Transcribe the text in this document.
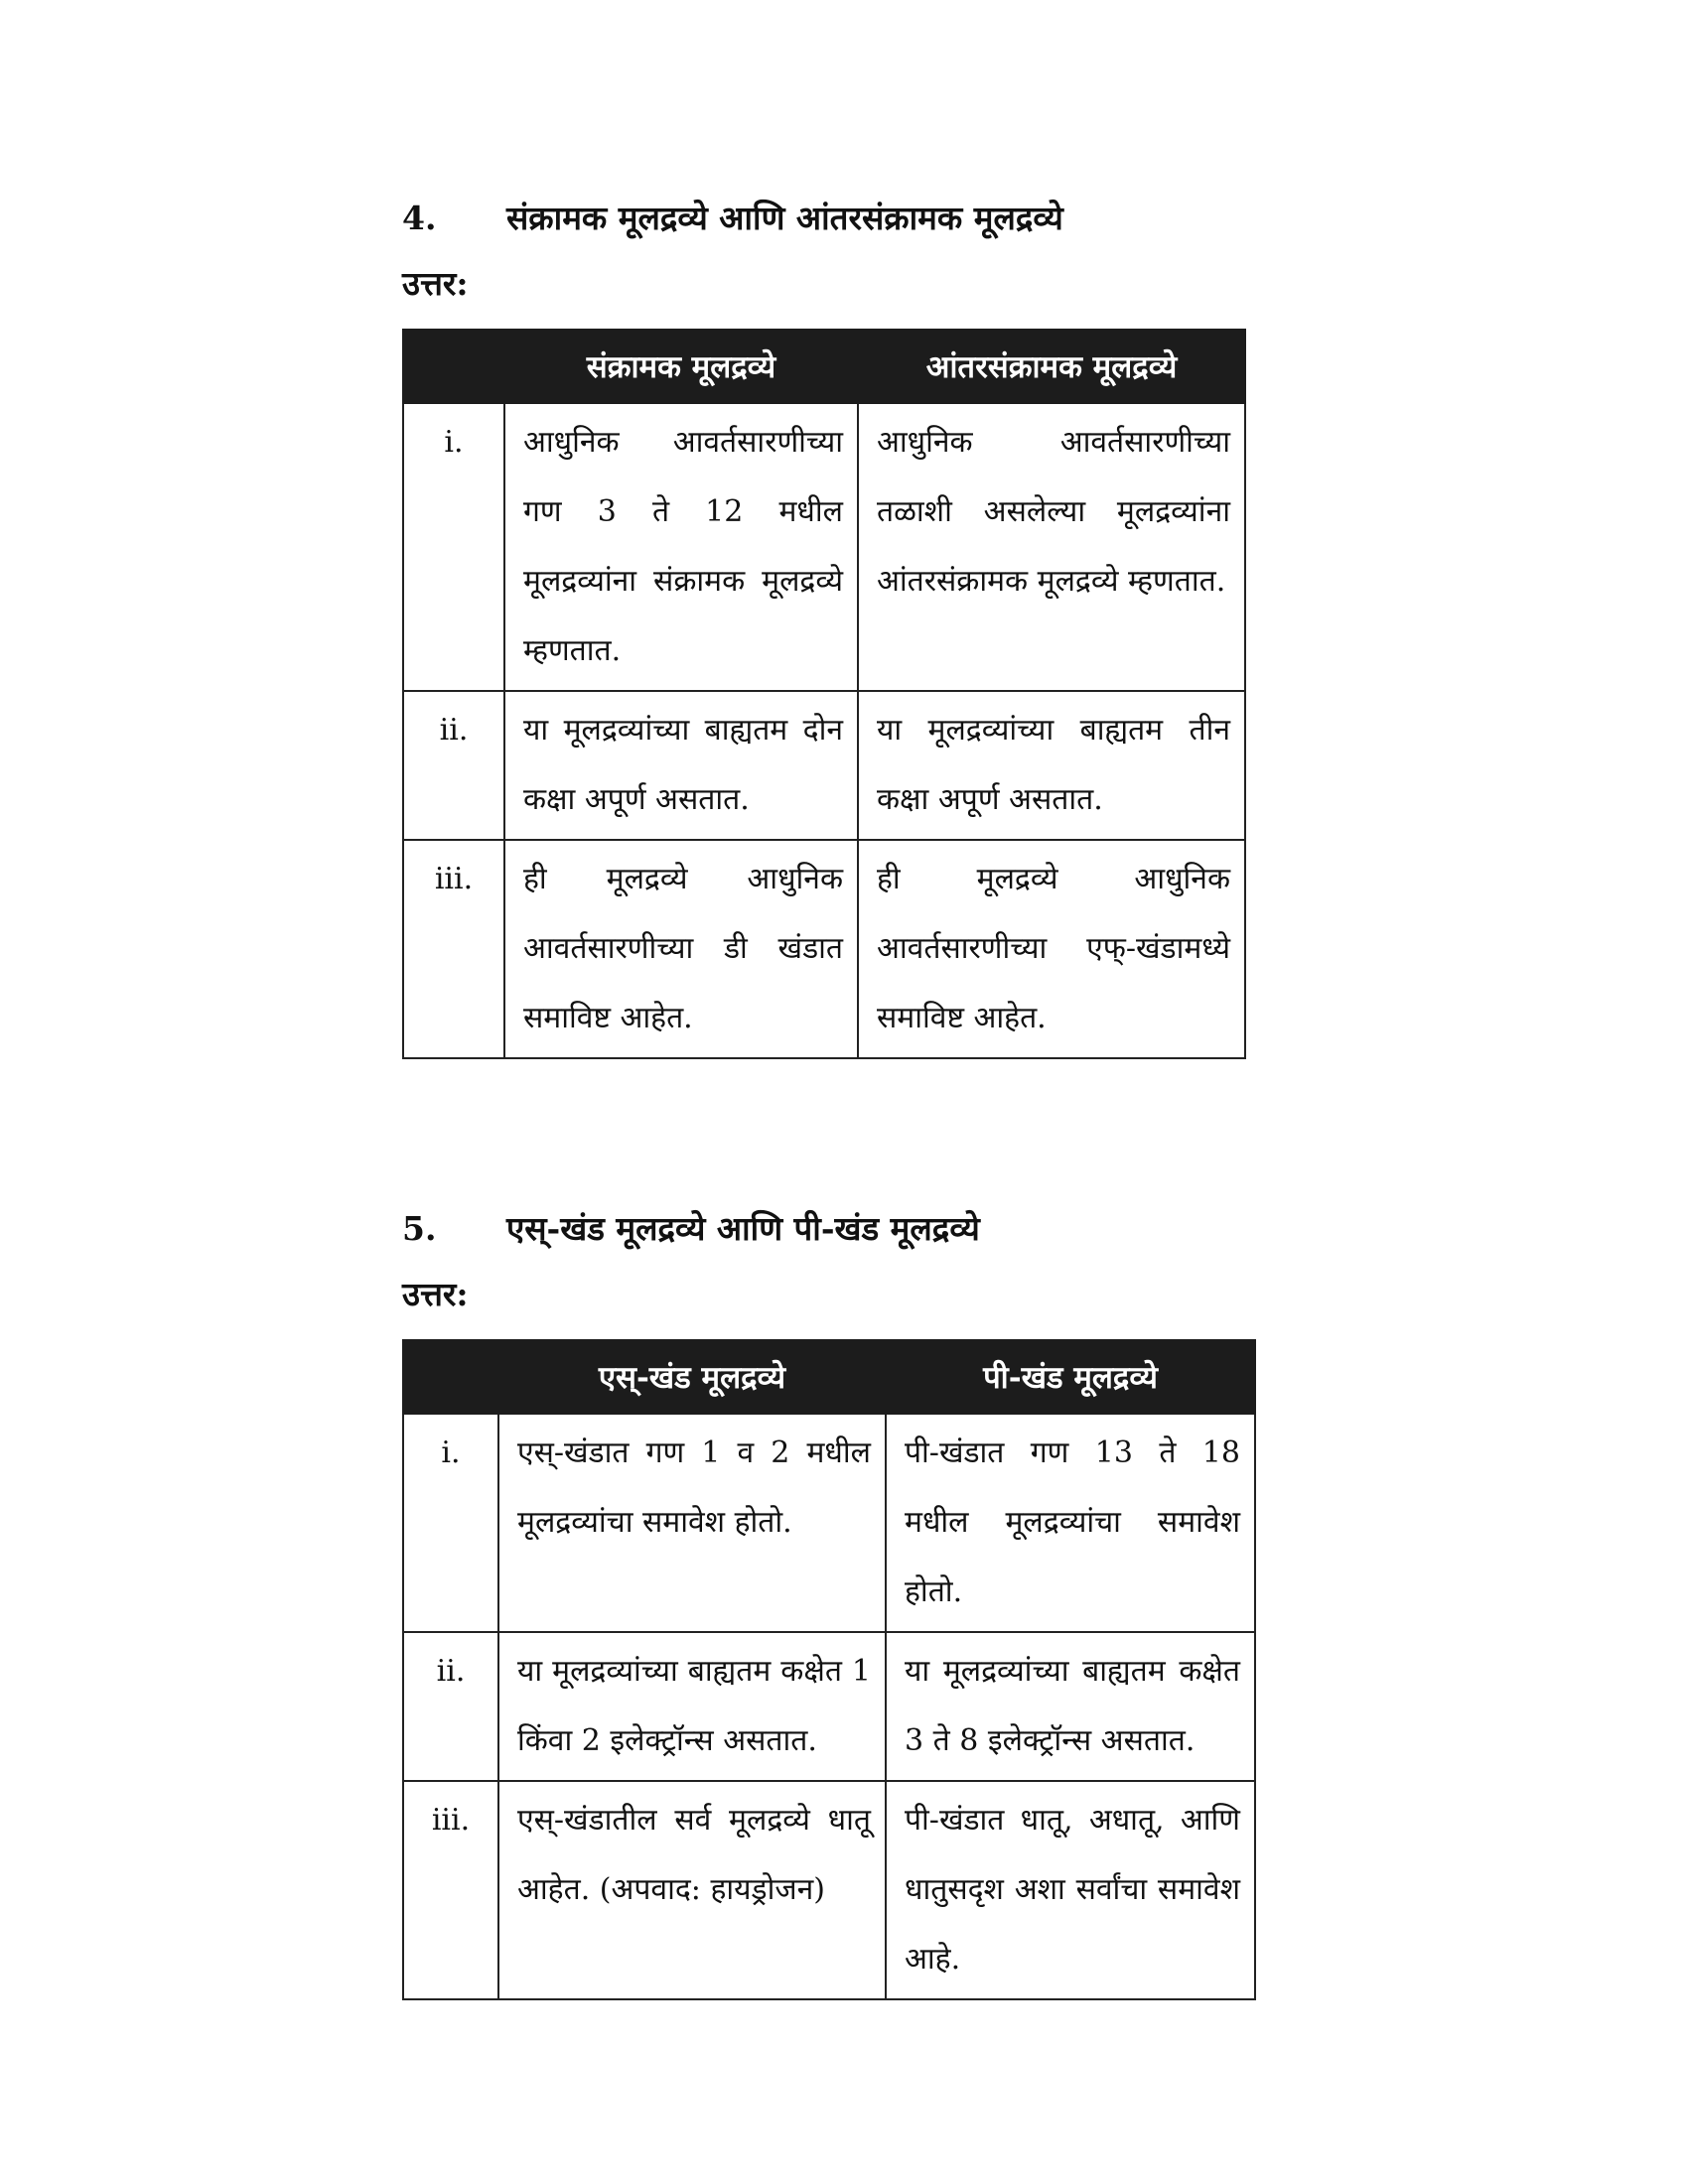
4.	संक्रामक मूलद्रव्ये आणि आंतरसंक्रामक मूलद्रव्ये
उत्तर:
	संक्रामक मूलद्रव्ये	आंतरसंक्रामक मूलद्रव्ये
i.	आधुनिक आवर्तसारणीच्या गण 3 ते 12 मधील मूलद्रव्यांना संक्रामक मूलद्रव्ये म्हणतात.	आधुनिक आवर्तसारणीच्या तळाशी असलेल्या मूलद्रव्यांना आंतरसंक्रामक मूलद्रव्ये म्हणतात.
ii.	या मूलद्रव्यांच्या बाह्यतम दोन कक्षा अपूर्ण असतात.	या मूलद्रव्यांच्या बाह्यतम तीन कक्षा अपूर्ण असतात.
iii.	ही मूलद्रव्ये आधुनिक आवर्तसारणीच्या डी खंडात समाविष्ट आहेत.	ही मूलद्रव्ये आधुनिक आवर्तसारणीच्या एफ्-खंडामध्ये समाविष्ट आहेत.
5.	एस्-खंड मूलद्रव्ये आणि पी-खंड मूलद्रव्ये
उत्तर:
	एस्-खंड मूलद्रव्ये	पी-खंड मूलद्रव्ये
i.	एस्-खंडात गण 1 व 2 मधील मूलद्रव्यांचा समावेश होतो.	पी-खंडात गण 13 ते 18 मधील मूलद्रव्यांचा समावेश होतो.
ii.	या मूलद्रव्यांच्या बाह्यतम कक्षेत 1 किंवा 2 इलेक्ट्रॉन्स असतात.	या मूलद्रव्यांच्या बाह्यतम कक्षेत 3 ते 8 इलेक्ट्रॉन्स असतात.
iii.	एस्-खंडातील सर्व मूलद्रव्ये धातू आहेत. (अपवाद: हायड्रोजन)	पी-खंडात धातू, अधातू, आणि धातुसदृश अशा सर्वांचा समावेश आहे.
